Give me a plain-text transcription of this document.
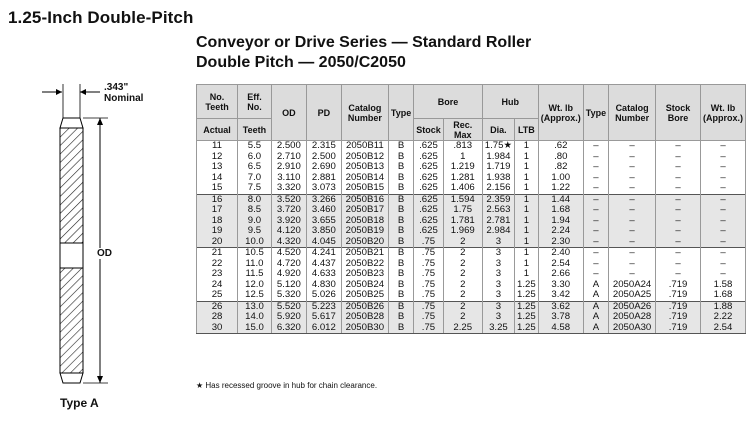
1.25-Inch Double-Pitch
Conveyor or Drive Series — Standard Roller
Double Pitch — 2050/C2050
.343"
Nominal
OD
Type A
No. Teeth	Eff. No.	OD	PD	Catalog Number	Type	Bore		Hub		Wt. lb (Approx.)	Type	Catalog Number	Stock Bore	Wt. lb (Approx.)
Actual	Teeth					Stock	Rec. Max	Dia.	LTB					
11	5.5	2.500	2.315	2050B11	B	.625	.813	1.75★	1	.62	–	–	–	–
12	6.0	2.710	2.500	2050B12	B	.625	1	1.984	1	.80	–	–	–	–
13	6.5	2.910	2.690	2050B13	B	.625	1.219	1.719	1	.82	–	–	–	–
14	7.0	3.110	2.881	2050B14	B	.625	1.281	1.938	1	1.00	–	–	–	–
15	7.5	3.320	3.073	2050B15	B	.625	1.406	2.156	1	1.22	–	–	–	–
16	8.0	3.520	3.266	2050B16	B	.625	1.594	2.359	1	1.44	–	–	–	–
17	8.5	3.720	3.460	2050B17	B	.625	1.75	2.563	1	1.68	–	–	–	–
18	9.0	3.920	3.655	2050B18	B	.625	1.781	2.781	1	1.94	–	–	–	–
19	9.5	4.120	3.850	2050B19	B	.625	1.969	2.984	1	2.24	–	–	–	–
20	10.0	4.320	4.045	2050B20	B	.75	2	3	1	2.30	–	–	–	–
21	10.5	4.520	4.241	2050B21	B	.75	2	3	1	2.40	–	–	–	–
22	11.0	4.720	4.437	2050B22	B	.75	2	3	1	2.54	–	–	–	–
23	11.5	4.920	4.633	2050B23	B	.75	2	3	1	2.66	–	–	–	–
24	12.0	5.120	4.830	2050B24	B	.75	2	3	1.25	3.30	A	2050A24	.719	1.58
25	12.5	5.320	5.026	2050B25	B	.75	2	3	1.25	3.42	A	2050A25	.719	1.68
26	13.0	5.520	5.223	2050B26	B	.75	2	3	1.25	3.62	A	2050A26	.719	1.88
28	14.0	5.920	5.617	2050B28	B	.75	2	3	1.25	3.78	A	2050A28	.719	2.22
30	15.0	6.320	6.012	2050B30	B	.75	2.25	3.25	1.25	4.58	A	2050A30	.719	2.54
★ Has recessed groove in hub for chain clearance.
